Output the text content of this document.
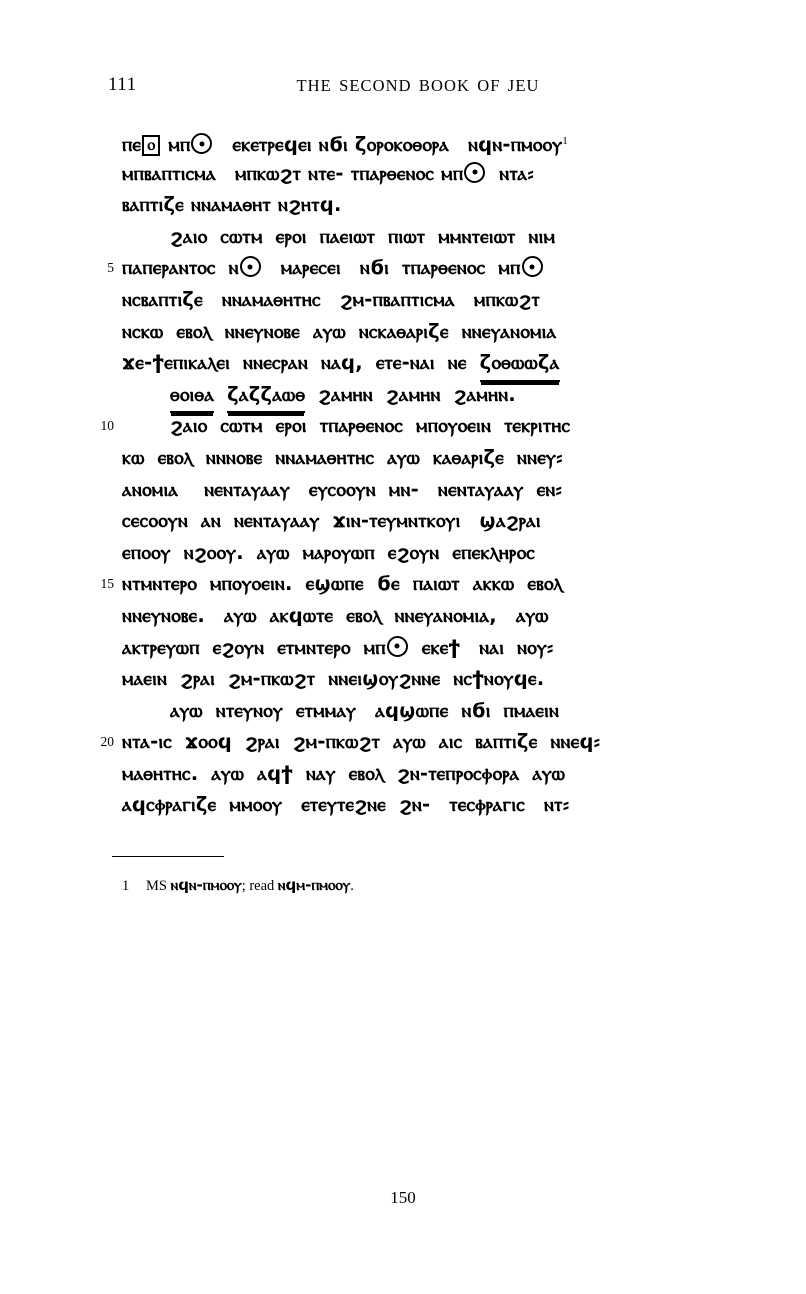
111	THE SECOND BOOK OF JEU
ⲡⲉ ⲟ ⲙⲡ ⲉⲕⲉⲧⲣⲉϥⲉⲓ ⲛϭⲓ ζⲟⲣⲟⲕⲟⲑⲟⲣⲁ ⲛϥⲛ-ⲡⲙⲟⲟⲩ$^1$
ⲙⲡⲃⲁⲡⲧⲓⲥⲙⲁ ⲙⲡⲕⲱϩⲧ ⲛⲧⲉ- ⲧⲡⲁⲣⲑⲉⲛⲟⲥ ⲙⲡ ⲛⲧⲁ⸗
ⲃⲁⲡⲧⲓζⲉ ⲛⲛⲁⲙⲁⲑⲏⲧ ⲛϩⲏⲧϥ.
ϩⲁⲓⲟ ⲥⲱⲧⲙ ⲉⲣⲟⲓ ⲡⲁⲉⲓⲱⲧ ⲡⲓⲱⲧ ⲙⲙⲛⲧⲉⲓⲱⲧ ⲛⲓⲙ
5 ⲡⲁⲡⲉⲣⲁⲛⲧⲟⲥ ⲛ ⲙⲁⲣⲉⲥⲉⲓ ⲛϭⲓ ⲧⲡⲁⲣⲑⲉⲛⲟⲥ ⲙⲡ
ⲛⲥⲃⲁⲡⲧⲓζⲉ ⲛⲛⲁⲙⲁⲑⲏⲧⲏⲥ ϩⲙ-ⲡⲃⲁⲡⲧⲓⲥⲙⲁ ⲙⲡⲕⲱϩⲧ
ⲛⲥⲕⲱ ⲉⲃⲟⲗ ⲛⲛⲉⲩⲛⲟⲃⲉ ⲁⲩⲱ ⲛⲥⲕⲁⲑⲁⲣⲓζⲉ ⲛⲛⲉⲩⲁⲛⲟⲙⲓⲁ
ϫⲉ-ϯⲉⲡⲓⲕⲁⲗⲉⲓ ⲛⲛⲉⲥⲣⲁⲛ ⲛⲁϥ, ⲉⲧⲉ-ⲛⲁⲓ ⲛⲉ ζⲟⲑⲱⲱζⲁ
ⲑⲟⲓⲑⲁ ζⲁζζⲁⲱⲑ ϩⲁⲙⲏⲛ ϩⲁⲙⲏⲛ ϩⲁⲙⲏⲛ.
10	ϩⲁⲓⲟ ⲥⲱⲧⲙ ⲉⲣⲟⲓ ⲧⲡⲁⲣⲑⲉⲛⲟⲥ ⲙⲡⲟⲩⲟⲉⲓⲛ ⲧⲉⲕⲣⲓⲧⲏⲥ
ⲕⲱ ⲉⲃⲟⲗ ⲛⲛⲛⲟⲃⲉ ⲛⲛⲁⲙⲁⲑⲏⲧⲏⲥ ⲁⲩⲱ ⲕⲁⲑⲁⲣⲓζⲉ ⲛⲛⲉⲩ⸗
ⲁⲛⲟⲙⲓⲁ ⲛⲉⲛⲧⲁⲩⲁⲁⲩ ⲉⲩⲥⲟⲟⲩⲛ ⲙⲛ- ⲛⲉⲛⲧⲁⲩⲁⲁⲩ ⲉⲛ⸗
ⲥⲉⲥⲟⲟⲩⲛ ⲁⲛ ⲛⲉⲛⲧⲁⲩⲁⲁⲩ ϫⲓⲛ-ⲧⲉⲩⲙⲛⲧⲕⲟⲩⲓ ϣⲁϩⲣⲁⲓ
ⲉⲡⲟⲟⲩ ⲛϩⲟⲟⲩ. ⲁⲩⲱ ⲙⲁⲣⲟⲩⲱⲡ ⲉϩⲟⲩⲛ ⲉⲡⲉⲕⲗⲏⲣⲟⲥ
15 ⲛⲧⲙⲛⲧⲉⲣⲟ ⲙⲡⲟⲩⲟⲉⲓⲛ. ⲉϣⲱⲡⲉ ϭⲉ ⲡⲁⲓⲱⲧ ⲁⲕⲕⲱ ⲉⲃⲟⲗ
ⲛⲛⲉⲩⲛⲟⲃⲉ. ⲁⲩⲱ ⲁⲕϥⲱⲧⲉ ⲉⲃⲟⲗ ⲛⲛⲉⲩⲁⲛⲟⲙⲓⲁ, ⲁⲩⲱ
ⲁⲕⲧⲣⲉⲩⲱⲡ ⲉϩⲟⲩⲛ ⲉⲧⲙⲛⲧⲉⲣⲟ ⲙⲡ ⲉⲕⲉϯ ⲛⲁⲓ ⲛⲟⲩ⸗
ⲙⲁⲉⲓⲛ ϩⲣⲁⲓ ϩⲙ-ⲡⲕⲱϩⲧ ⲛⲛⲉⲓϣⲟⲩϩⲛⲛⲉ ⲛⲥϯⲛⲟⲩϥⲉ.
ⲁⲩⲱ ⲛⲧⲉⲩⲛⲟⲩ ⲉⲧⲙⲙⲁⲩ ⲁϥϣⲱⲡⲉ ⲛϭⲓ ⲡⲙⲁⲉⲓⲛ
20 ⲛⲧⲁ-ⲓⲥ ϫⲟⲟϥ ϩⲣⲁⲓ ϩⲙ-ⲡⲕⲱϩⲧ ⲁⲩⲱ ⲁⲓⲥ ⲃⲁⲡⲧⲓζⲉ ⲛⲛⲉϥ⸗
ⲙⲁⲑⲏⲧⲏⲥ. ⲁⲩⲱ ⲁϥϯ ⲛⲁⲩ ⲉⲃⲟⲗ ϩⲛ-ⲧⲉⲡⲣⲟⲥⲫⲟⲣⲁ ⲁⲩⲱ
ⲁϥⲥⲫⲣⲁⲅⲓζⲉ ⲙⲙⲟⲟⲩ ⲉⲧⲉⲩⲧⲉϩⲛⲉ ϩⲛ- ⲧⲉⲥⲫⲣⲁⲅⲓⲥ ⲛⲧ⸗
1 MS ⲛϥⲛ-ⲡⲙⲟⲟⲩ; read ⲛϥⲙ-ⲡⲙⲟⲟⲩ.
150
